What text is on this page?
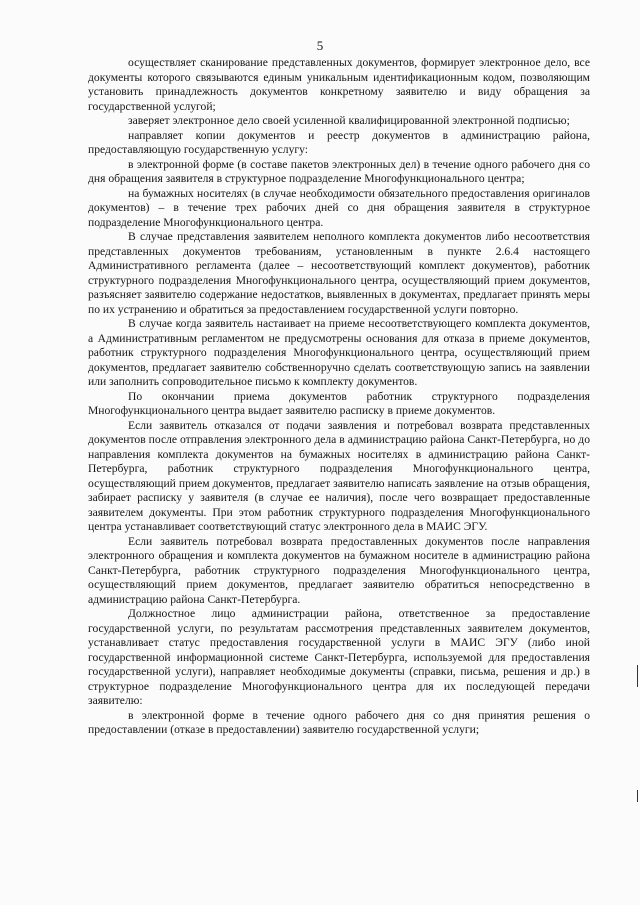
5

осуществляет сканирование представленных документов, формирует электронное дело, все документы которого связываются единым уникальным идентификационным кодом, позволяющим установить принадлежность документов конкретному заявителю и виду обращения за государственной услугой;

заверяет электронное дело своей усиленной квалифицированной электронной подписью;

направляет копии документов и реестр документов в администрацию района, предоставляющую государственную услугу:

в электронной форме (в составе пакетов электронных дел) в течение одного рабочего дня со дня обращения заявителя в структурное подразделение Многофункционального центра;

на бумажных носителях (в случае необходимости обязательного предоставления оригиналов документов) – в течение трех рабочих дней со дня обращения заявителя в структурное подразделение Многофункционального центра.

В случае представления заявителем неполного комплекта документов либо несоответствия представленных документов требованиям, установленным в пункте 2.6.4 настоящего Административного регламента (далее – несоответствующий комплект документов), работник структурного подразделения Многофункционального центра, осуществляющий прием документов, разъясняет заявителю содержание недостатков, выявленных в документах, предлагает принять меры по их устранению и обратиться за предоставлением государственной услуги повторно.

В случае когда заявитель настаивает на приеме несоответствующего комплекта документов, а Административным регламентом не предусмотрены основания для отказа в приеме документов, работник структурного подразделения Многофункционального центра, осуществляющий прием документов, предлагает заявителю собственноручно сделать соответствующую запись на заявлении или заполнить сопроводительное письмо к комплекту документов.

По окончании приема документов работник структурного подразделения Многофункционального центра выдает заявителю расписку в приеме документов.

Если заявитель отказался от подачи заявления и потребовал возврата представленных документов после отправления электронного дела в администрацию района Санкт-Петербурга, но до направления комплекта документов на бумажных носителях в администрацию района Санкт-Петербурга, работник структурного подразделения Многофункционального центра, осуществляющий прием документов, предлагает заявителю написать заявление на отзыв обращения, забирает расписку у заявителя (в случае ее наличия), после чего возвращает предоставленные заявителем документы. При этом работник структурного подразделения Многофункционального центра устанавливает соответствующий статус электронного дела в МАИС ЭГУ.

Если заявитель потребовал возврата предоставленных документов после направления электронного обращения и комплекта документов на бумажном носителе в администрацию района Санкт-Петербурга, работник структурного подразделения Многофункционального центра, осуществляющий прием документов, предлагает заявителю обратиться непосредственно в администрацию района Санкт-Петербурга.

Должностное лицо администрации района, ответственное за предоставление государственной услуги, по результатам рассмотрения представленных заявителем документов, устанавливает статус предоставления государственной услуги в МАИС ЭГУ (либо иной государственной информационной системе Санкт-Петербурга, используемой для предоставления государственной услуги), направляет необходимые документы (справки, письма, решения и др.) в структурное подразделение Многофункционального центра для их последующей передачи заявителю:

в электронной форме в течение одного рабочего дня со дня принятия решения о предоставлении (отказе в предоставлении) заявителю государственной услуги;
